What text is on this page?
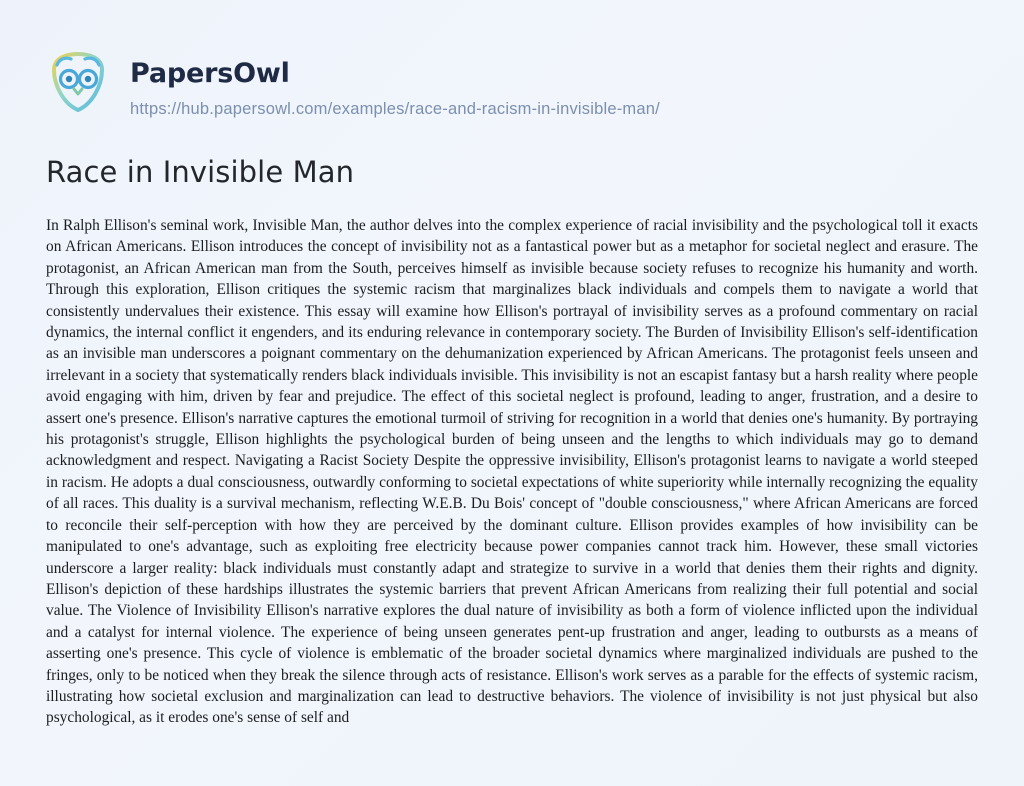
PapersOwl
https://hub.papersowl.com/examples/race-and-racism-in-invisible-man/
Race in Invisible Man
In Ralph Ellison's seminal work, Invisible Man, the author delves into the complex experience of racial invisibility and the psychological toll it exacts on African Americans. Ellison introduces the concept of invisibility not as a fantastical power but as a metaphor for societal neglect and erasure. The protagonist, an African American man from the South, perceives himself as invisible because society refuses to recognize his humanity and worth. Through this exploration, Ellison critiques the systemic racism that marginalizes black individuals and compels them to navigate a world that consistently undervalues their existence. This essay will examine how Ellison's portrayal of invisibility serves as a profound commentary on racial dynamics, the internal conflict it engenders, and its enduring relevance in contemporary society. The Burden of Invisibility Ellison's self-identification as an invisible man underscores a poignant commentary on the dehumanization experienced by African Americans. The protagonist feels unseen and irrelevant in a society that systematically renders black individuals invisible. This invisibility is not an escapist fantasy but a harsh reality where people avoid engaging with him, driven by fear and prejudice. The effect of this societal neglect is profound, leading to anger, frustration, and a desire to assert one's presence. Ellison's narrative captures the emotional turmoil of striving for recognition in a world that denies one's humanity. By portraying his protagonist's struggle, Ellison highlights the psychological burden of being unseen and the lengths to which individuals may go to demand acknowledgment and respect. Navigating a Racist Society Despite the oppressive invisibility, Ellison's protagonist learns to navigate a world steeped in racism. He adopts a dual consciousness, outwardly conforming to societal expectations of white superiority while internally recognizing the equality of all races. This duality is a survival mechanism, reflecting W.E.B. Du Bois' concept of "double consciousness," where African Americans are forced to reconcile their self-perception with how they are perceived by the dominant culture. Ellison provides examples of how invisibility can be manipulated to one's advantage, such as exploiting free electricity because power companies cannot track him. However, these small victories underscore a larger reality: black individuals must constantly adapt and strategize to survive in a world that denies them their rights and dignity. Ellison's depiction of these hardships illustrates the systemic barriers that prevent African Americans from realizing their full potential and social value. The Violence of Invisibility Ellison's narrative explores the dual nature of invisibility as both a form of violence inflicted upon the individual and a catalyst for internal violence. The experience of being unseen generates pent-up frustration and anger, leading to outbursts as a means of asserting one's presence. This cycle of violence is emblematic of the broader societal dynamics where marginalized individuals are pushed to the fringes, only to be noticed when they break the silence through acts of resistance. Ellison's work serves as a parable for the effects of systemic racism, illustrating how societal exclusion and marginalization can lead to destructive behaviors. The violence of invisibility is not just physical but also psychological, as it erodes one's sense of self and
